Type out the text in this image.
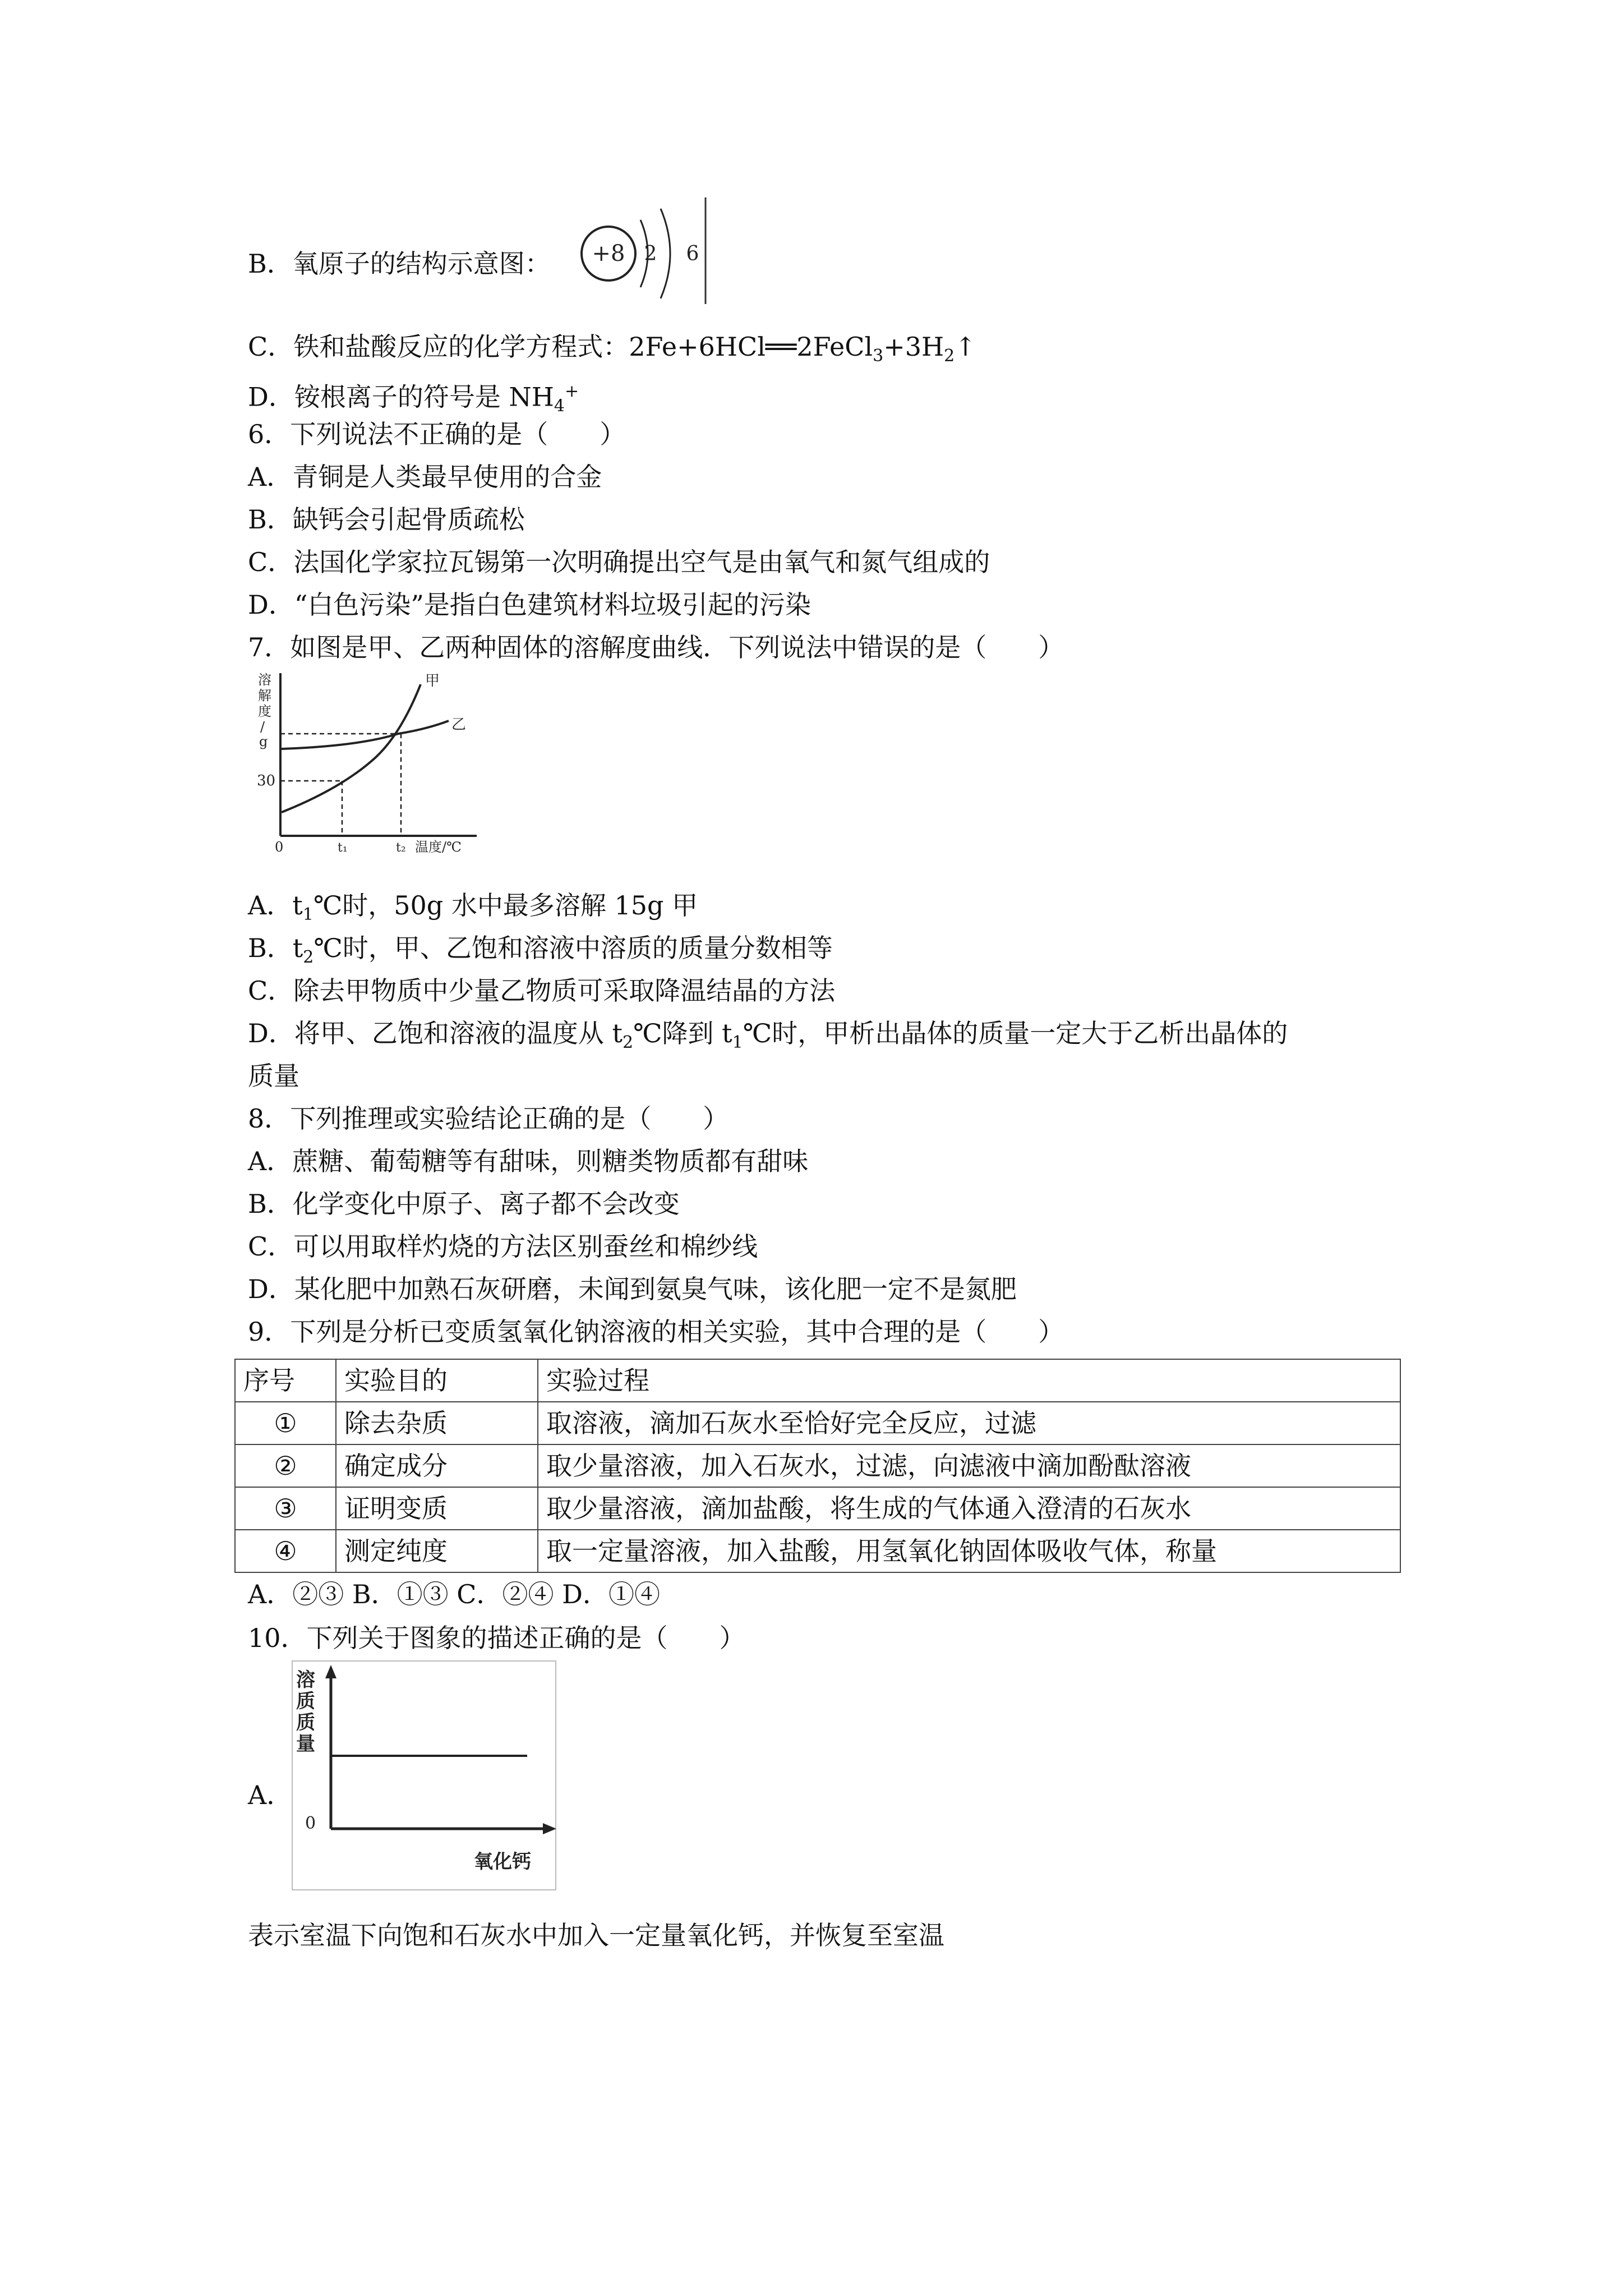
B．氧原子的结构示意图： +8 2 6
C．铁和盐酸反应的化学方程式：$2Fe+6HCl══2FeCl_3+3H_2↑$
D．铵根离子的符号是 $NH_4^+$
6．下列说法不正确的是（　　）
A．青铜是人类最早使用的合金
B．缺钙会引起骨质疏松
C．法国化学家拉瓦锡第一次明确提出空气是由氧气和氮气组成的
D．“白色污染”是指白色建筑材料垃圾引起的污染
7．如图是甲、乙两种固体的溶解度曲线．下列说法中错误的是（　　）
溶
解
度
/
g
30
甲
乙
0	t₁	t₂ 温度/℃
A．$t_1℃$时，50g 水中最多溶解 15g 甲
B．$t_2℃$时，甲、乙饱和溶液中溶质的质量分数相等
C．除去甲物质中少量乙物质可采取降温结晶的方法
D．将甲、乙饱和溶液的温度从 $t_2℃$降到 $t_1℃$时，甲析出晶体的质量一定大于乙析出晶体的
质量
8．下列推理或实验结论正确的是（　　）
A．蔗糖、葡萄糖等有甜味，则糖类物质都有甜味
B．化学变化中原子、离子都不会改变
C．可以用取样灼烧的方法区别蚕丝和棉纱线
D．某化肥中加熟石灰研磨，未闻到氨臭气味，该化肥一定不是氮肥
9．下列是分析已变质氢氧化钠溶液的相关实验，其中合理的是（　　）
序号	实验目的	实验过程
①	除去杂质	取溶液，滴加石灰水至恰好完全反应，过滤
②	确定成分	取少量溶液，加入石灰水，过滤，向滤液中滴加酚酞溶液
③	证明变质	取少量溶液，滴加盐酸，将生成的气体通入澄清的石灰水
④	测定纯度	取一定量溶液，加入盐酸，用氢氧化钠固体吸收气体，称量
A．②③ B．①③ C．②④ D．①④
10．下列关于图象的描述正确的是（　　）
A．
溶
质
质
量
0
氧化钙
表示室温下向饱和石灰水中加入一定量氧化钙，并恢复至室温
